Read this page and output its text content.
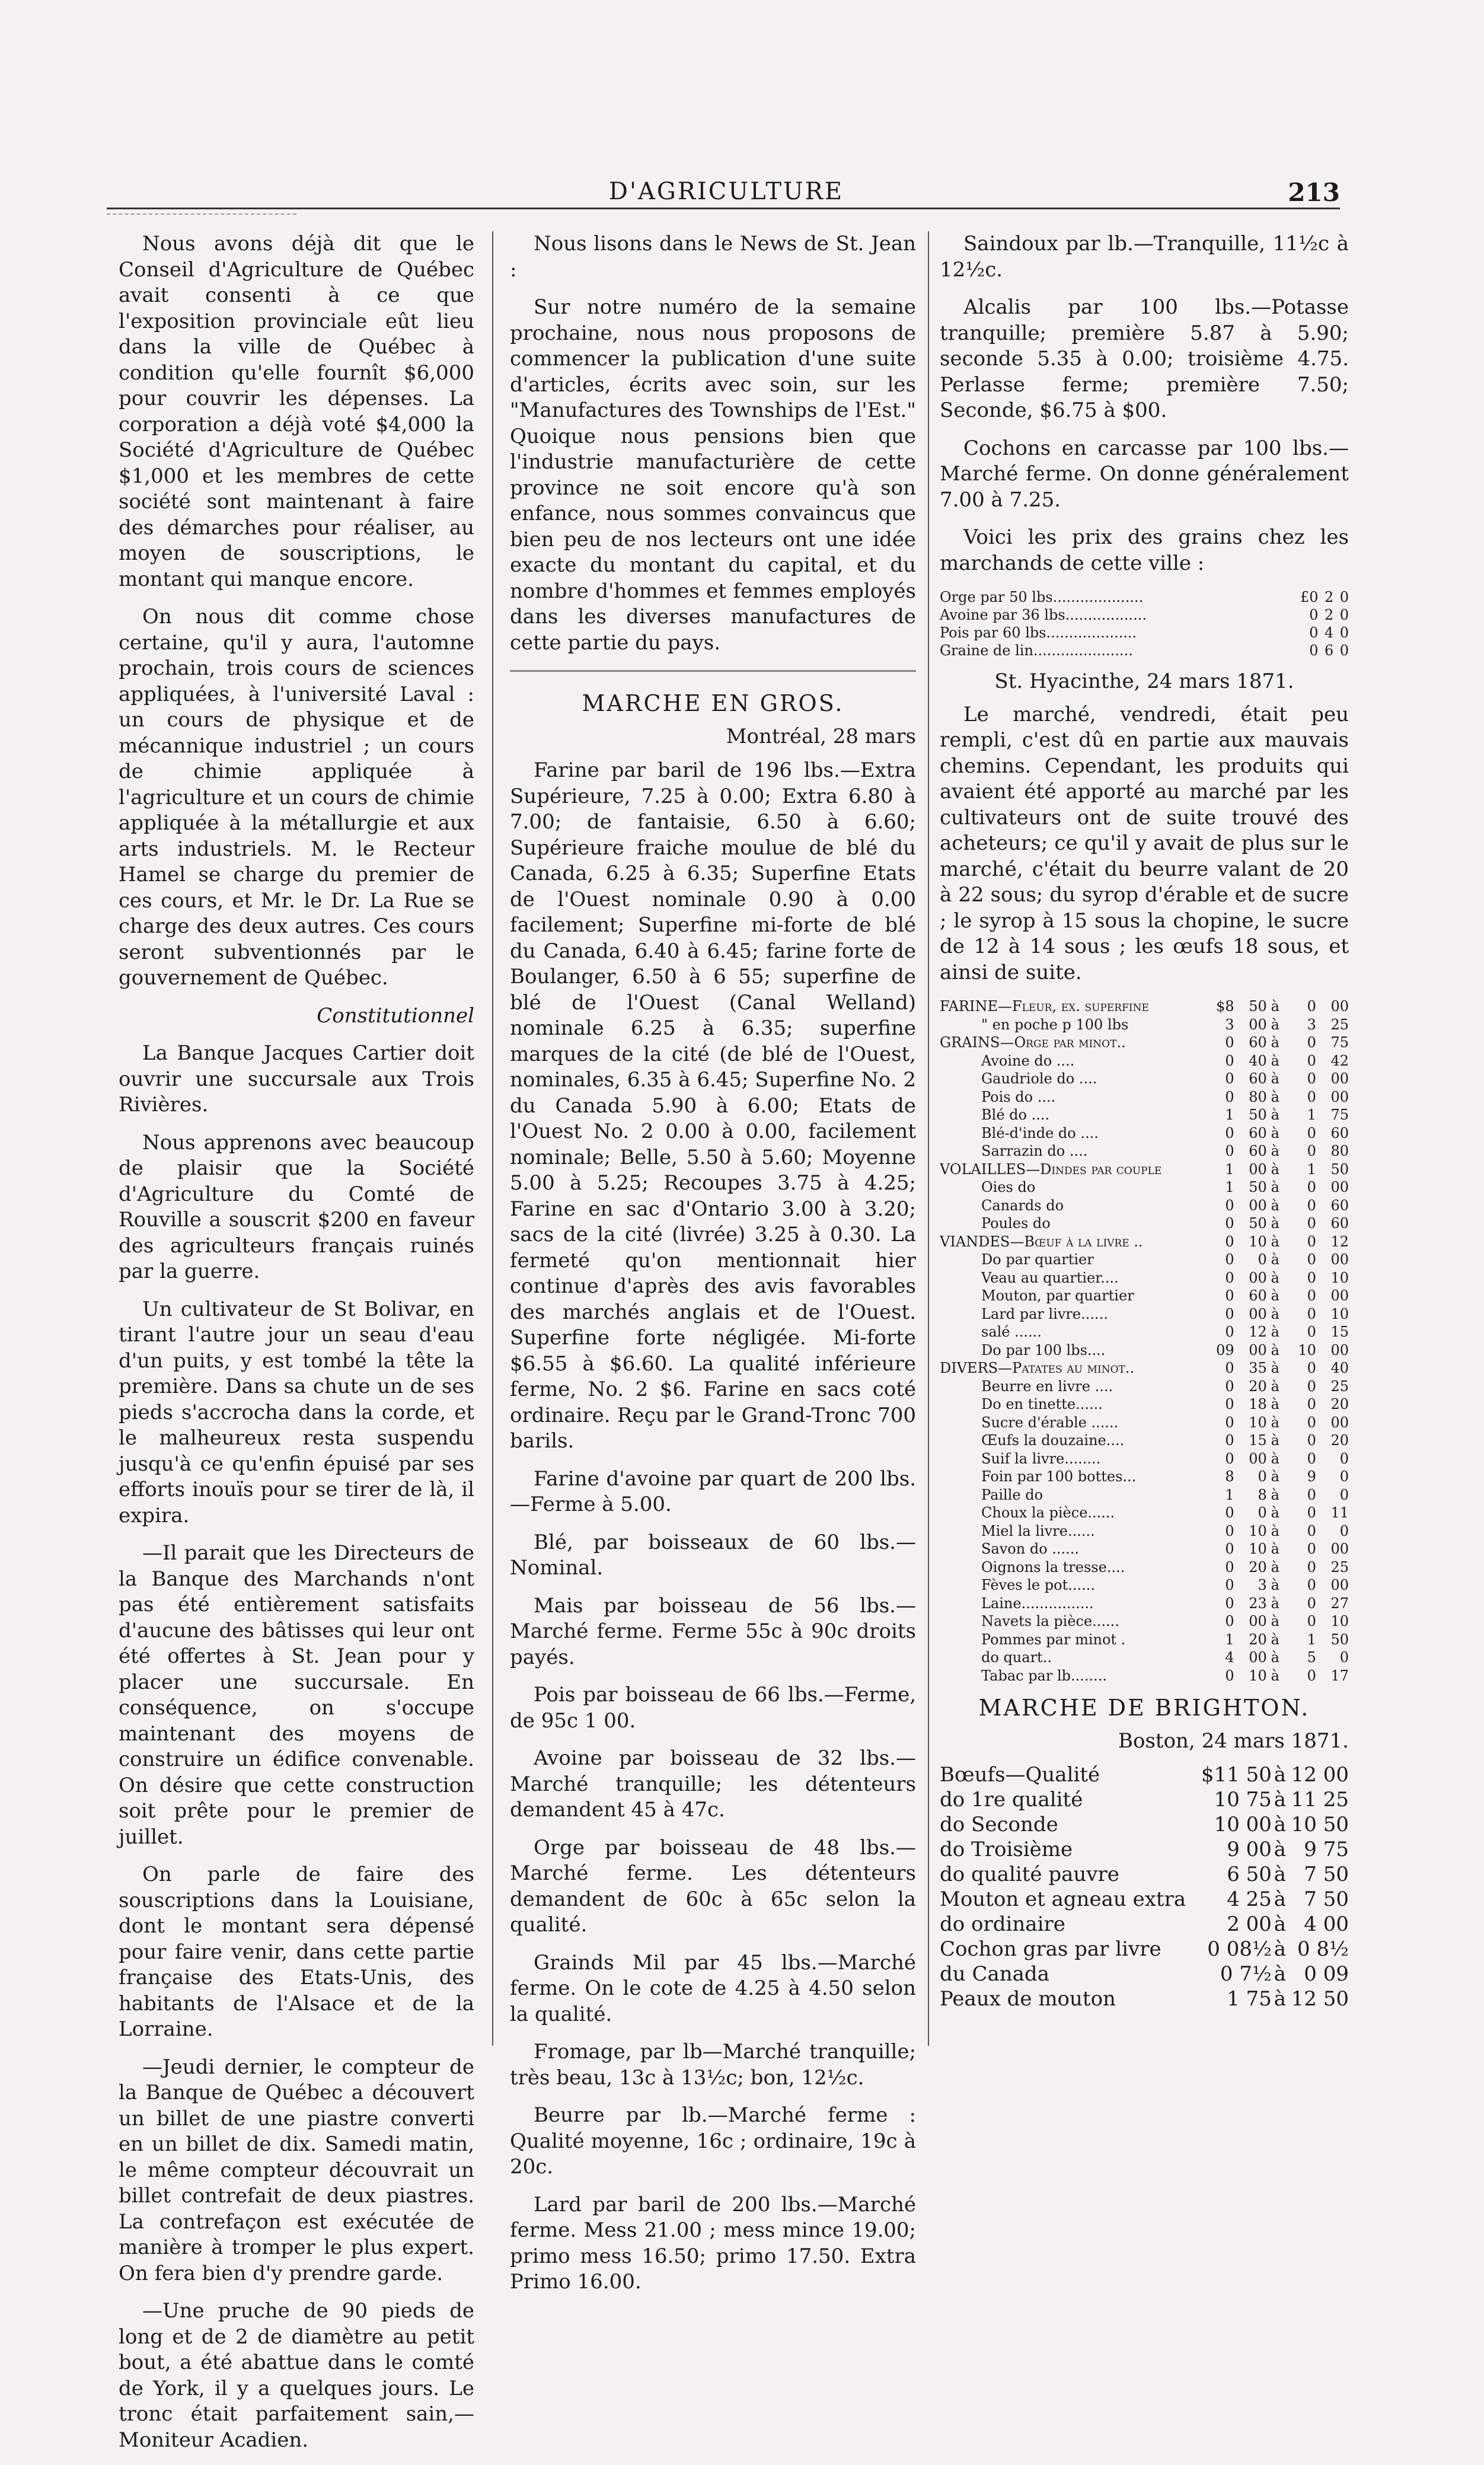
D'AGRICULTURE	213

Nous avons déjà dit que le Conseil d'Agriculture de Québec avait consenti à ce que l'exposition provinciale eût lieu dans la ville de Québec à condition qu'elle fournît $6,000 pour couvrir les dépenses. La corporation a déjà voté $4,000 la Société d'Agriculture de Québec $1,000 et les membres de cette société sont maintenant à faire des démarches pour réaliser, au moyen de souscriptions, le montant qui manque encore.

On nous dit comme chose certaine, qu'il y aura, l'automne prochain, trois cours de sciences appliquées, à l'université Laval : un cours de physique et de mécannique industriel ; un cours de chimie appliquée à l'agriculture et un cours de chimie appliquée à la métallurgie et aux arts industriels. M. le Recteur Hamel se charge du premier de ces cours, et Mr. le Dr. La Rue se charge des deux autres. Ces cours seront subventionnés par le gouvernement de Québec.

Constitutionnel

La Banque Jacques Cartier doit ouvrir une succursale aux Trois Rivières.

Nous apprenons avec beaucoup de plaisir que la Société d'Agriculture du Comté de Rouville a souscrit $200 en faveur des agriculteurs français ruinés par la guerre.

Un cultivateur de St Bolivar, en tirant l'autre jour un seau d'eau d'un puits, y est tombé la tête la première. Dans sa chute un de ses pieds s'accrocha dans la corde, et le malheureux resta suspendu jusqu'à ce qu'enfin épuisé par ses efforts inouïs pour se tirer de là, il expira.

—Il parait que les Directeurs de la Banque des Marchands n'ont pas été entièrement satisfaits d'aucune des bâtisses qui leur ont été offertes à St. Jean pour y placer une succursale. En conséquence, on s'occupe maintenant des moyens de construire un édifice convenable. On désire que cette construction soit prête pour le premier de juillet.

On parle de faire des souscriptions dans la Louisiane, dont le montant sera dépensé pour faire venir, dans cette partie française des Etats-Unis, des habitants de l'Alsace et de la Lorraine.

—Jeudi dernier, le compteur de la Banque de Québec a découvert un billet de une piastre converti en un billet de dix. Samedi matin, le même compteur découvrait un billet contrefait de deux piastres. La contrefaçon est exécutée de manière à tromper le plus expert. On fera bien d'y prendre garde.

—Une pruche de 90 pieds de long et de 2 de diamètre au petit bout, a été abattue dans le comté de York, il y a quelques jours. Le tronc était parfaitement sain,—Moniteur Acadien.

Nous lisons dans le News de St. Jean :

Sur notre numéro de la semaine prochaine, nous nous proposons de commencer la publication d'une suite d'articles, écrits avec soin, sur les "Manufactures des Townships de l'Est." Quoique nous pensions bien que l'industrie manufacturière de cette province ne soit encore qu'à son enfance, nous sommes convaincus que bien peu de nos lecteurs ont une idée exacte du montant du capital, et du nombre d'hommes et femmes employés dans les diverses manufactures de cette partie du pays.

MARCHE EN GROS.
Montréal, 28 mars

Farine par baril de 196 lbs.—Extra Supérieure, 7.25 à 0.00; Extra 6.80 à 7.00; de fantaisie, 6.50 à 6.60; Supérieure fraiche moulue de blé du Canada, 6.25 à 6.35; Superfine Etats de l'Ouest nominale 0.90 à 0.00 facilement; Superfine mi-forte de blé du Canada, 6.40 à 6.45; farine forte de Boulanger, 6.50 à 6 55; superfine de blé de l'Ouest (Canal Welland) nominale 6.25 à 6.35; superfine marques de la cité (de blé de l'Ouest, nominales, 6.35 à 6.45; Superfine No. 2 du Canada 5.90 à 6.00; Etats de l'Ouest No. 2 0.00 à 0.00, facilement nominale; Belle, 5.50 à 5.60; Moyenne 5.00 à 5.25; Recoupes 3.75 à 4.25; Farine en sac d'Ontario 3.00 à 3.20; sacs de la cité (livrée) 3.25 à 0.30. La fermeté qu'on mentionnait hier continue d'après des avis favorables des marchés anglais et de l'Ouest. Superfine forte négligée. Mi-forte $6.55 à $6.60. La qualité inférieure ferme, No. 2 $6. Farine en sacs coté ordinaire. Reçu par le Grand-Tronc 700 barils.

Farine d'avoine par quart de 200 lbs.—Ferme à 5.00.

Blé, par boisseaux de 60 lbs.—Nominal.

Mais par boisseau de 56 lbs.—Marché ferme. Ferme 55c à 90c droits payés.

Pois par boisseau de 66 lbs.—Ferme, de 95c 1 00.

Avoine par boisseau de 32 lbs.—Marché tranquille; les détenteurs demandent 45 à 47c.

Orge par boisseau de 48 lbs.—Marché ferme. Les détenteurs demandent de 60c à 65c selon la qualité.

Grainds Mil par 45 lbs.—Marché ferme. On le cote de 4.25 à 4.50 selon la qualité.

Fromage, par lb—Marché tranquille; très beau, 13c à 13½c; bon, 12½c.

Beurre par lb.—Marché ferme : Qualité moyenne, 16c ; ordinaire, 19c à 20c.

Lard par baril de 200 lbs.—Marché ferme. Mess 21.00 ; mess mince 19.00; primo mess 16.50; primo 17.50. Extra Primo 16.00.

Saindoux par lb.—Tranquille, 11½c à 12½c.

Alcalis par 100 lbs.—Potasse tranquille; première 5.87 à 5.90; seconde 5.35 à 0.00; troisième 4.75. Perlasse ferme; première 7.50; Seconde, $6.75 à $00.

Cochons en carcasse par 100 lbs.—Marché ferme. On donne généralement 7.00 à 7.25.

Voici les prix des grains chez les marchands de cette ville :

Orge par 50 lbs....................	£0	2	0
Avoine par 36 lbs..................	0	2	0
Pois par 60 lbs....................	0	4	0
Graine de lin......................	0	6	0
St. Hyacinthe, 24 mars 1871.

Le marché, vendredi, était peu rempli, c'est dû en partie aux mauvais chemins. Cependant, les produits qui avaient été apporté au marché par les cultivateurs ont de suite trouvé des acheteurs; ce qu'il y avait de plus sur le marché, c'était du beurre valant de 20 à 22 sous; du syrop d'érable et de sucre ; le syrop à 15 sous la chopine, le sucre de 12 à 14 sous ; les œufs 18 sous, et ainsi de suite.

FARINE—Fleur, ex. superfine	$8	50	à	0	00
" en poche p 100 lbs	3	00	à	3	25
GRAINS—Orge par minot..	0	60	à	0	75
Avoine do ....	0	40	à	0	42
Gaudriole do ....	0	60	à	0	00
Pois do ....	0	80	à	0	00
Blé do ....	1	50	à	1	75
Blé-d'inde do ....	0	60	à	0	60
Sarrazin do ....	0	60	à	0	80
VOLAILLES—Dindes par couple	1	00	à	1	50
Oies do	1	50	à	0	00
Canards do	0	00	à	0	60
Poules do	0	50	à	0	60
VIANDES—Bœuf à la livre ..	0	10	à	0	12
Do par quartier	0	0	à	0	00
Veau au quartier....	0	00	à	0	10
Mouton, par quartier	0	60	à	0	00
Lard par livre......	0	00	à	0	10
salé ......	0	12	à	0	15
Do par 100 lbs....	09	00	à	10	00
DIVERS—Patates au minot..	0	35	à	0	40
Beurre en livre ....	0	20	à	0	25
Do en tinette......	0	18	à	0	20
Sucre d'érable ......	0	10	à	0	00
Œufs la douzaine....	0	15	à	0	20
Suif la livre........	0	00	à	0	0
Foin par 100 bottes...	8	0	à	9	0
Paille do	1	8	à	0	0
Choux la pièce......	0	0	à	0	11
Miel la livre......	0	10	à	0	0
Savon do ......	0	10	à	0	00
Oignons la tresse....	0	20	à	0	25
Fèves le pot......	0	3	à	0	00
Laine................	0	23	à	0	27
Navets la pièce......	0	00	à	0	10
Pommes par minot .	1	20	à	1	50
do quart..	4	00	à	5	0
Tabac par lb........	0	10	à	0	17
MARCHE DE BRIGHTON.
Boston, 24 mars 1871.
Bœufs—Qualité	$11 50	à	12 00
do 1re qualité	10 75	à	11 25
do Seconde	10 00	à	10 50
do Troisième	9 00	à	9 75
do qualité pauvre	6 50	à	7 50
Mouton et agneau extra	4 25	à	7 50
do ordinaire	2 00	à	4 00
Cochon gras par livre	0 08½	à	0 8½
du Canada	0 7½	à	0 09
Peaux de mouton	1 75	à	12 50
